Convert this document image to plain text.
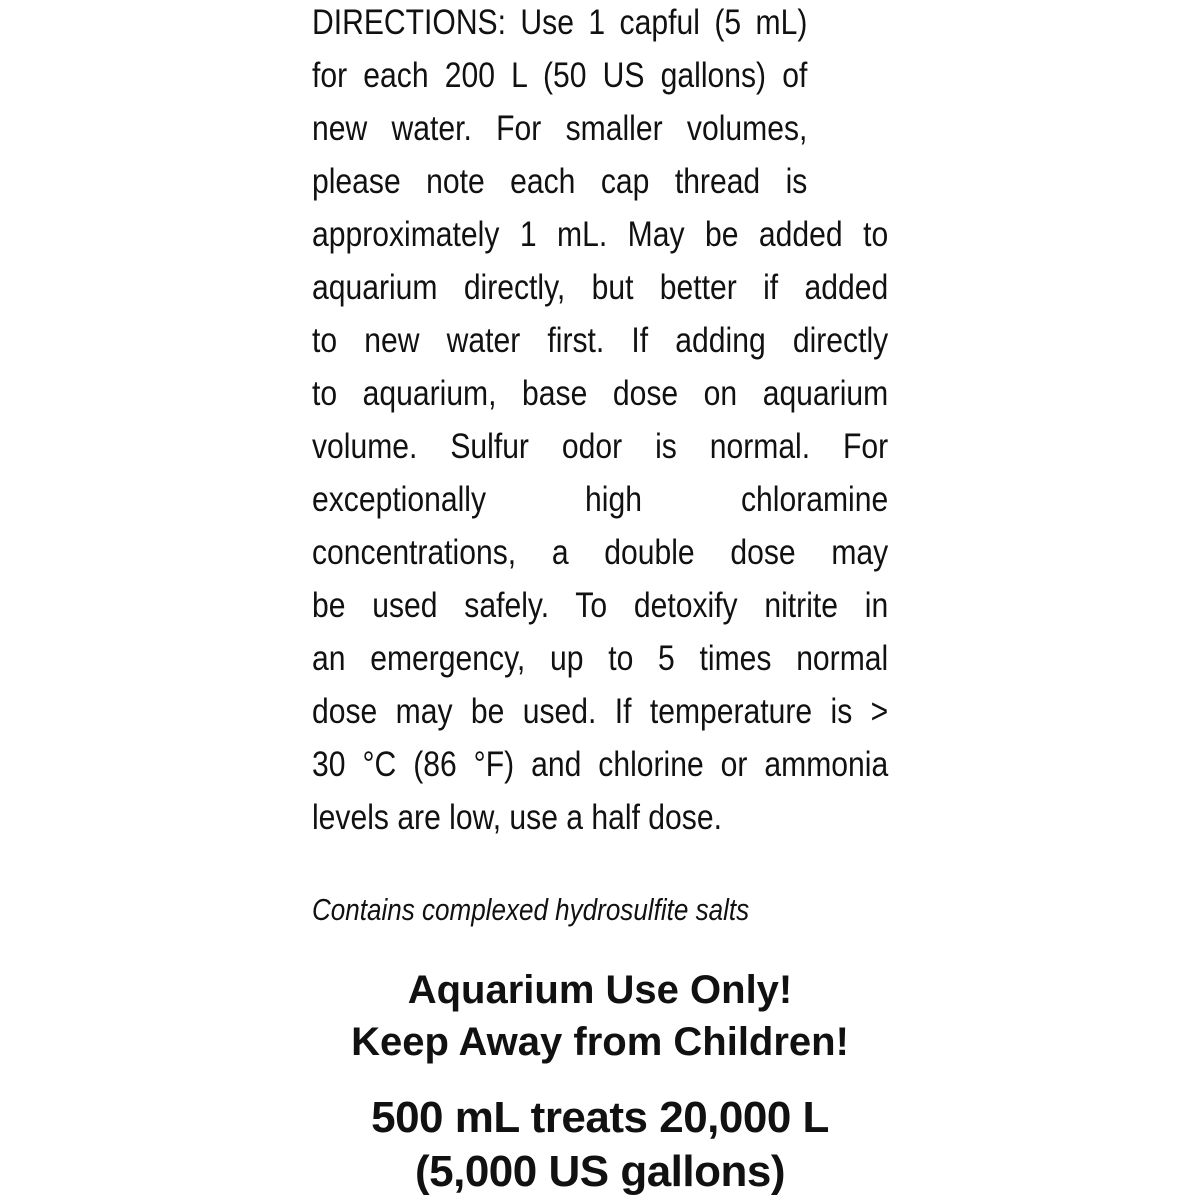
DIRECTIONS: Use 1 capful (5 mL)
for each 200 L (50 US gallons) of
new water. For smaller volumes,
please note each cap thread is
approximately 1 mL. May be added to
aquarium directly, but better if added
to new water first. If adding directly
to aquarium, base dose on aquarium
volume. Sulfur odor is normal. For
exceptionally high chloramine
concentrations, a double dose may
be used safely. To detoxify nitrite in
an emergency, up to 5 times normal
dose may be used. If temperature is >
30 °C (86 °F) and chlorine or ammonia
levels are low, use a half dose.
Contains complexed hydrosulfite salts
Aquarium Use Only!
Keep Away from Children!
500 mL treats 20,000 L
(5,000 US gallons)
